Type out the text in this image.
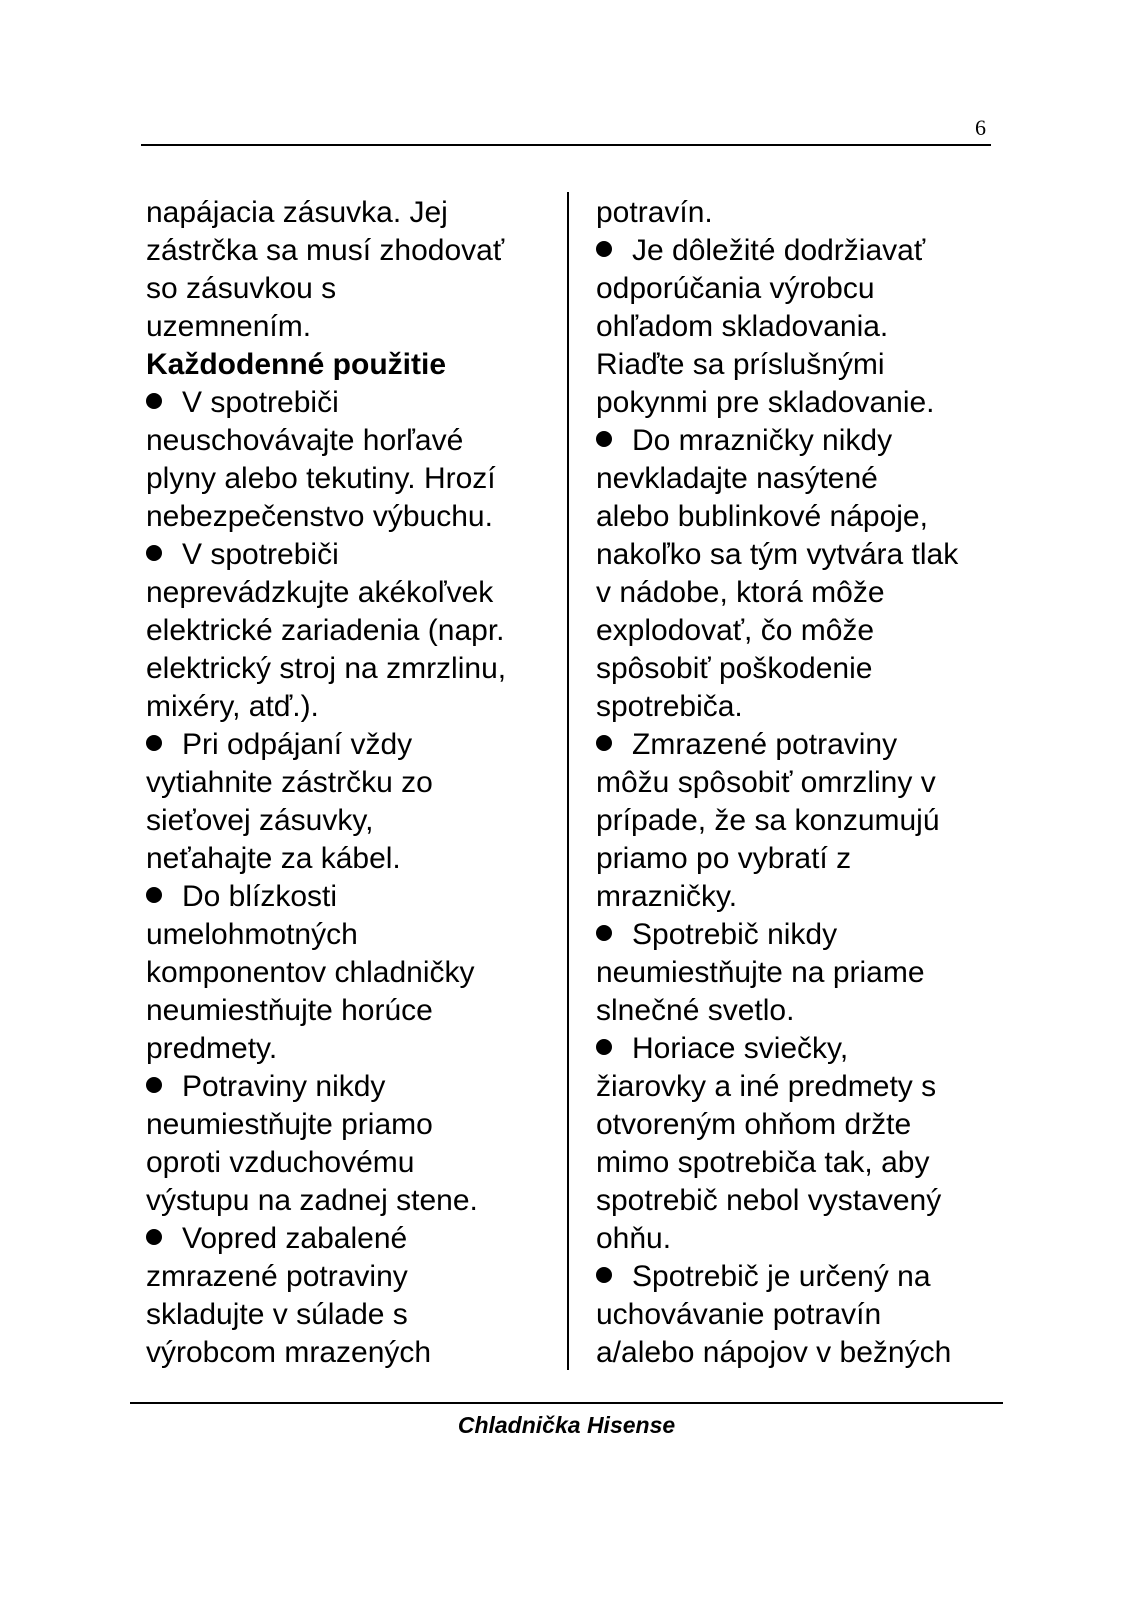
6
napájacia zásuvka. Jej
zástrčka sa musí zhodovať
so zásuvkou s
uzemnením.
Každodenné použitie
V spotrebiči
neuschovávajte horľavé
plyny alebo tekutiny. Hrozí
nebezpečenstvo výbuchu.
V spotrebiči
neprevádzkujte akékoľvek
elektrické zariadenia (napr.
elektrický stroj na zmrzlinu,
mixéry, atď.).
Pri odpájaní vždy
vytiahnite zástrčku zo
sieťovej zásuvky,
neťahajte za kábel.
Do blízkosti
umelohmotných
komponentov chladničky
neumiestňujte horúce
predmety.
Potraviny nikdy
neumiestňujte priamo
oproti vzduchovému
výstupu na zadnej stene.
Vopred zabalené
zmrazené potraviny
skladujte v súlade s
výrobcom mrazených
potravín.
Je dôležité dodržiavať
odporúčania výrobcu
ohľadom skladovania.
Riaďte sa príslušnými
pokynmi pre skladovanie.
Do mrazničky nikdy
nevkladajte nasýtené
alebo bublinkové nápoje,
nakoľko sa tým vytvára tlak
v nádobe, ktorá môže
explodovať, čo môže
spôsobiť poškodenie
spotrebiča.
Zmrazené potraviny
môžu spôsobiť omrzliny v
prípade, že sa konzumujú
priamo po vybratí z
mrazničky.
Spotrebič nikdy
neumiestňujte na priame
slnečné svetlo.
Horiace sviečky,
žiarovky a iné predmety s
otvoreným ohňom držte
mimo spotrebiča tak, aby
spotrebič nebol vystavený
ohňu.
Spotrebič je určený na
uchovávanie potravín
a/alebo nápojov v bežných
Chladnička Hisense
